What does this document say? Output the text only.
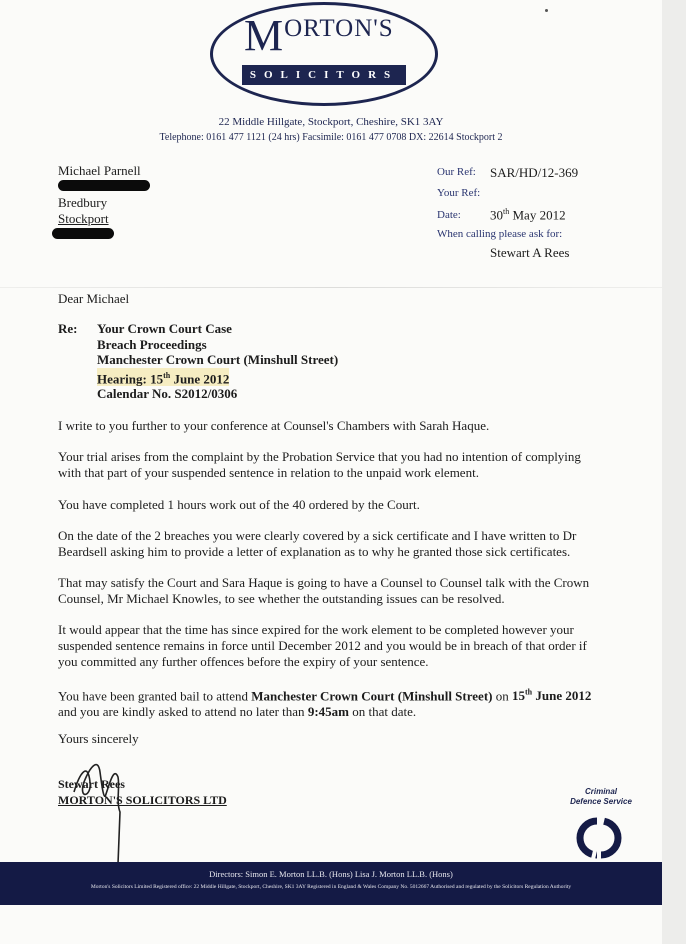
MORTON'S
SOLICITORS
22 Middle Hillgate, Stockport, Cheshire, SK1 3AY
Telephone: 0161 477 1121 (24 hrs) Facsimile: 0161 477 0708 DX: 22614 Stockport 2
Michael Parnell
Bredbury
Stockport
Our Ref: SAR/HD/12-369
Your Ref:
Date: 30th May 2012
When calling please ask for:
Stewart A Rees
Dear Michael
Re: Your Crown Court Case
Breach Proceedings
Manchester Crown Court (Minshull Street)
Hearing: 15th June 2012
Calendar No. S2012/0306
I write to you further to your conference at Counsel's Chambers with Sarah Haque.
Your trial arises from the complaint by the Probation Service that you had no intention of complying with that part of your suspended sentence in relation to the unpaid work element.
You have completed 1 hours work out of the 40 ordered by the Court.
On the date of the 2 breaches you were clearly covered by a sick certificate and I have written to Dr Beardsell asking him to provide a letter of explanation as to why he granted those sick certificates.
That may satisfy the Court and Sara Haque is going to have a Counsel to Counsel talk with the Crown Counsel, Mr Michael Knowles, to see whether the outstanding issues can be resolved.
It would appear that the time has since expired for the work element to be completed however your suspended sentence remains in force until December 2012 and you would be in breach of that order if you committed any further offences before the expiry of your sentence.
You have been granted bail to attend Manchester Crown Court (Minshull Street) on 15th June 2012 and you are kindly asked to attend no later than 9:45am on that date.
Yours sincerely
Stewart Rees
MORTON'S SOLICITORS LTD
Criminal
Defence Service
Directors: Simon E. Morton LL.B. (Hons) Lisa J. Morton LL.B. (Hons)
Morton's Solicitors Limited Registered office: 22 Middle Hillgate, Stockport, Cheshire, SK1 3AY Registered in England & Wales Company No. 5012667 Authorised and regulated by the Solicitors Regulation Authority
